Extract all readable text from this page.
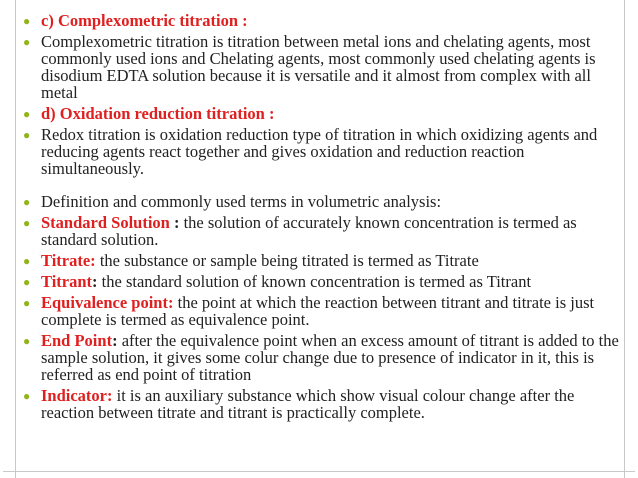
● c) Complexometric titration :
● Complexometric titration is titration between metal ions and chelating agents, most commonly used ions and Chelating agents, most commonly used chelating agents is disodium EDTA solution because it is versatile and it almost from complex with all metal
● d) Oxidation reduction titration :
● Redox titration is oxidation reduction type of titration in which oxidizing agents and reducing agents react together and gives oxidation and reduction reaction simultaneously.
● Definition and commonly used terms in volumetric analysis:
● Standard Solution : the solution of accurately known concentration is termed as standard solution.
● Titrate: the substance or sample being titrated is termed as Titrate
● Titrant: the standard solution of known concentration is termed as Titrant
● Equivalence point: the point at which the reaction between titrant and titrate is just complete is termed as equivalence point.
● End Point: after the equivalence point when an excess amount of titrant is added to the sample solution, it gives some colur change due to presence of indicator in it, this is referred as end point of titration
● Indicator: it is an auxiliary substance which show visual colour change after the reaction between titrate and titrant is practically complete.
